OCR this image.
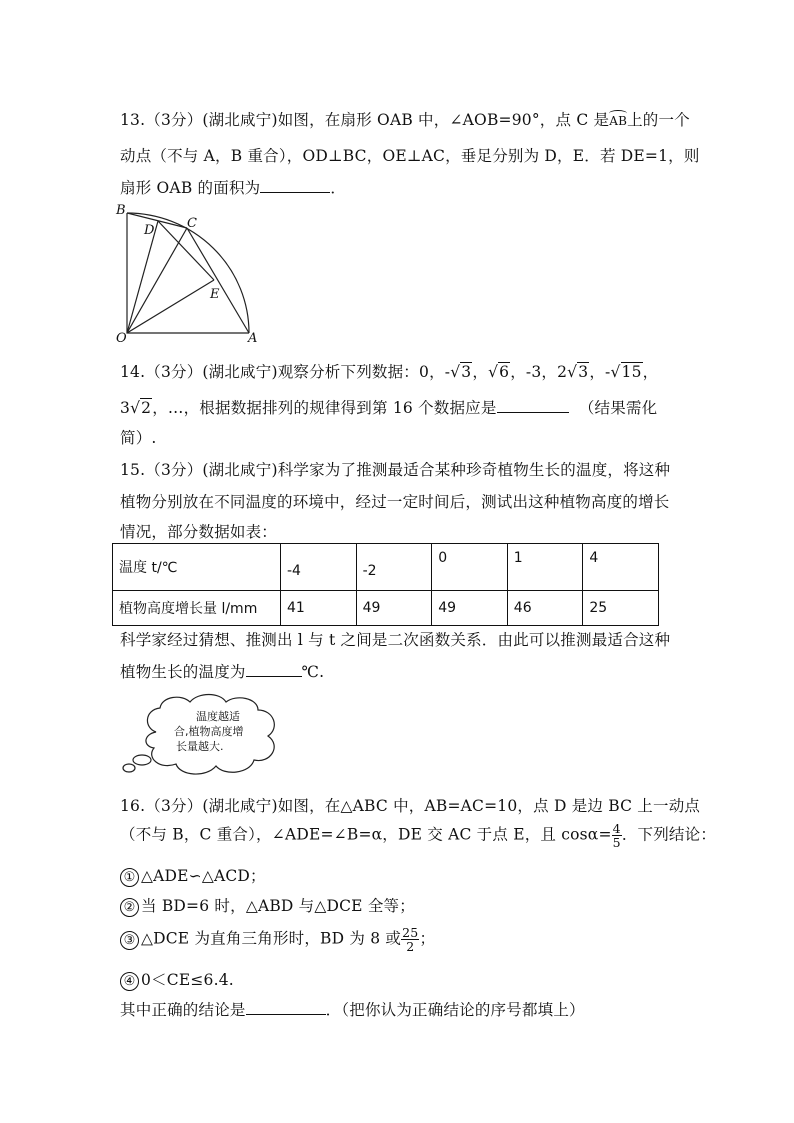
13.（3分）(湖北咸宁)如图，在扇形 OAB 中，∠AOB=90°，点 C 是AB上的一个
动点（不与 A，B 重合），OD⊥BC，OE⊥AC，垂足分别为 D，E．若 DE=1，则
扇形 OAB 的面积为	．
B
C
D
E
O	A
14.（3分）(湖北咸宁)观察分析下列数据：0，-√3，√6，-3，2√3，-√15，
3√2，…，根据数据排列的规律得到第 16 个数据应是	（结果需化
简）.
15.（3分）(湖北咸宁)科学家为了推测最适合某种珍奇植物生长的温度，将这种
植物分别放在不同温度的环境中，经过一定时间后，测试出这种植物高度的增长
情况，部分数据如表：
温度 t/℃	-4	-2	0	1	4
植物高度增长量 l/mm	41	49	49	46	25
科学家经过猜想、推测出 l 与 t 之间是二次函数关系．由此可以推测最适合这种
植物生长的温度为	℃.
温度越适
合,植物高度增
长量越大.
16.（3分）(湖北咸宁)如图，在△ABC 中，AB=AC=10，点 D 是边 BC 上一动点
（不与 B，C 重合），∠ADE=∠B=α，DE 交 AC 于点 E，且 $\cos\alpha= \frac{4}{5}$ ．下列结论：
① △ADE∽△ACD；
② 当 BD=6 时，△ABD 与△DCE 全等；
③ △DCE 为直角三角形时，BD 为 8 或 $\frac{25}{2}$ ；
④ 0＜CE≤6.4.
其中正确的结论是	．（把你认为正确结论的序号都填上）
